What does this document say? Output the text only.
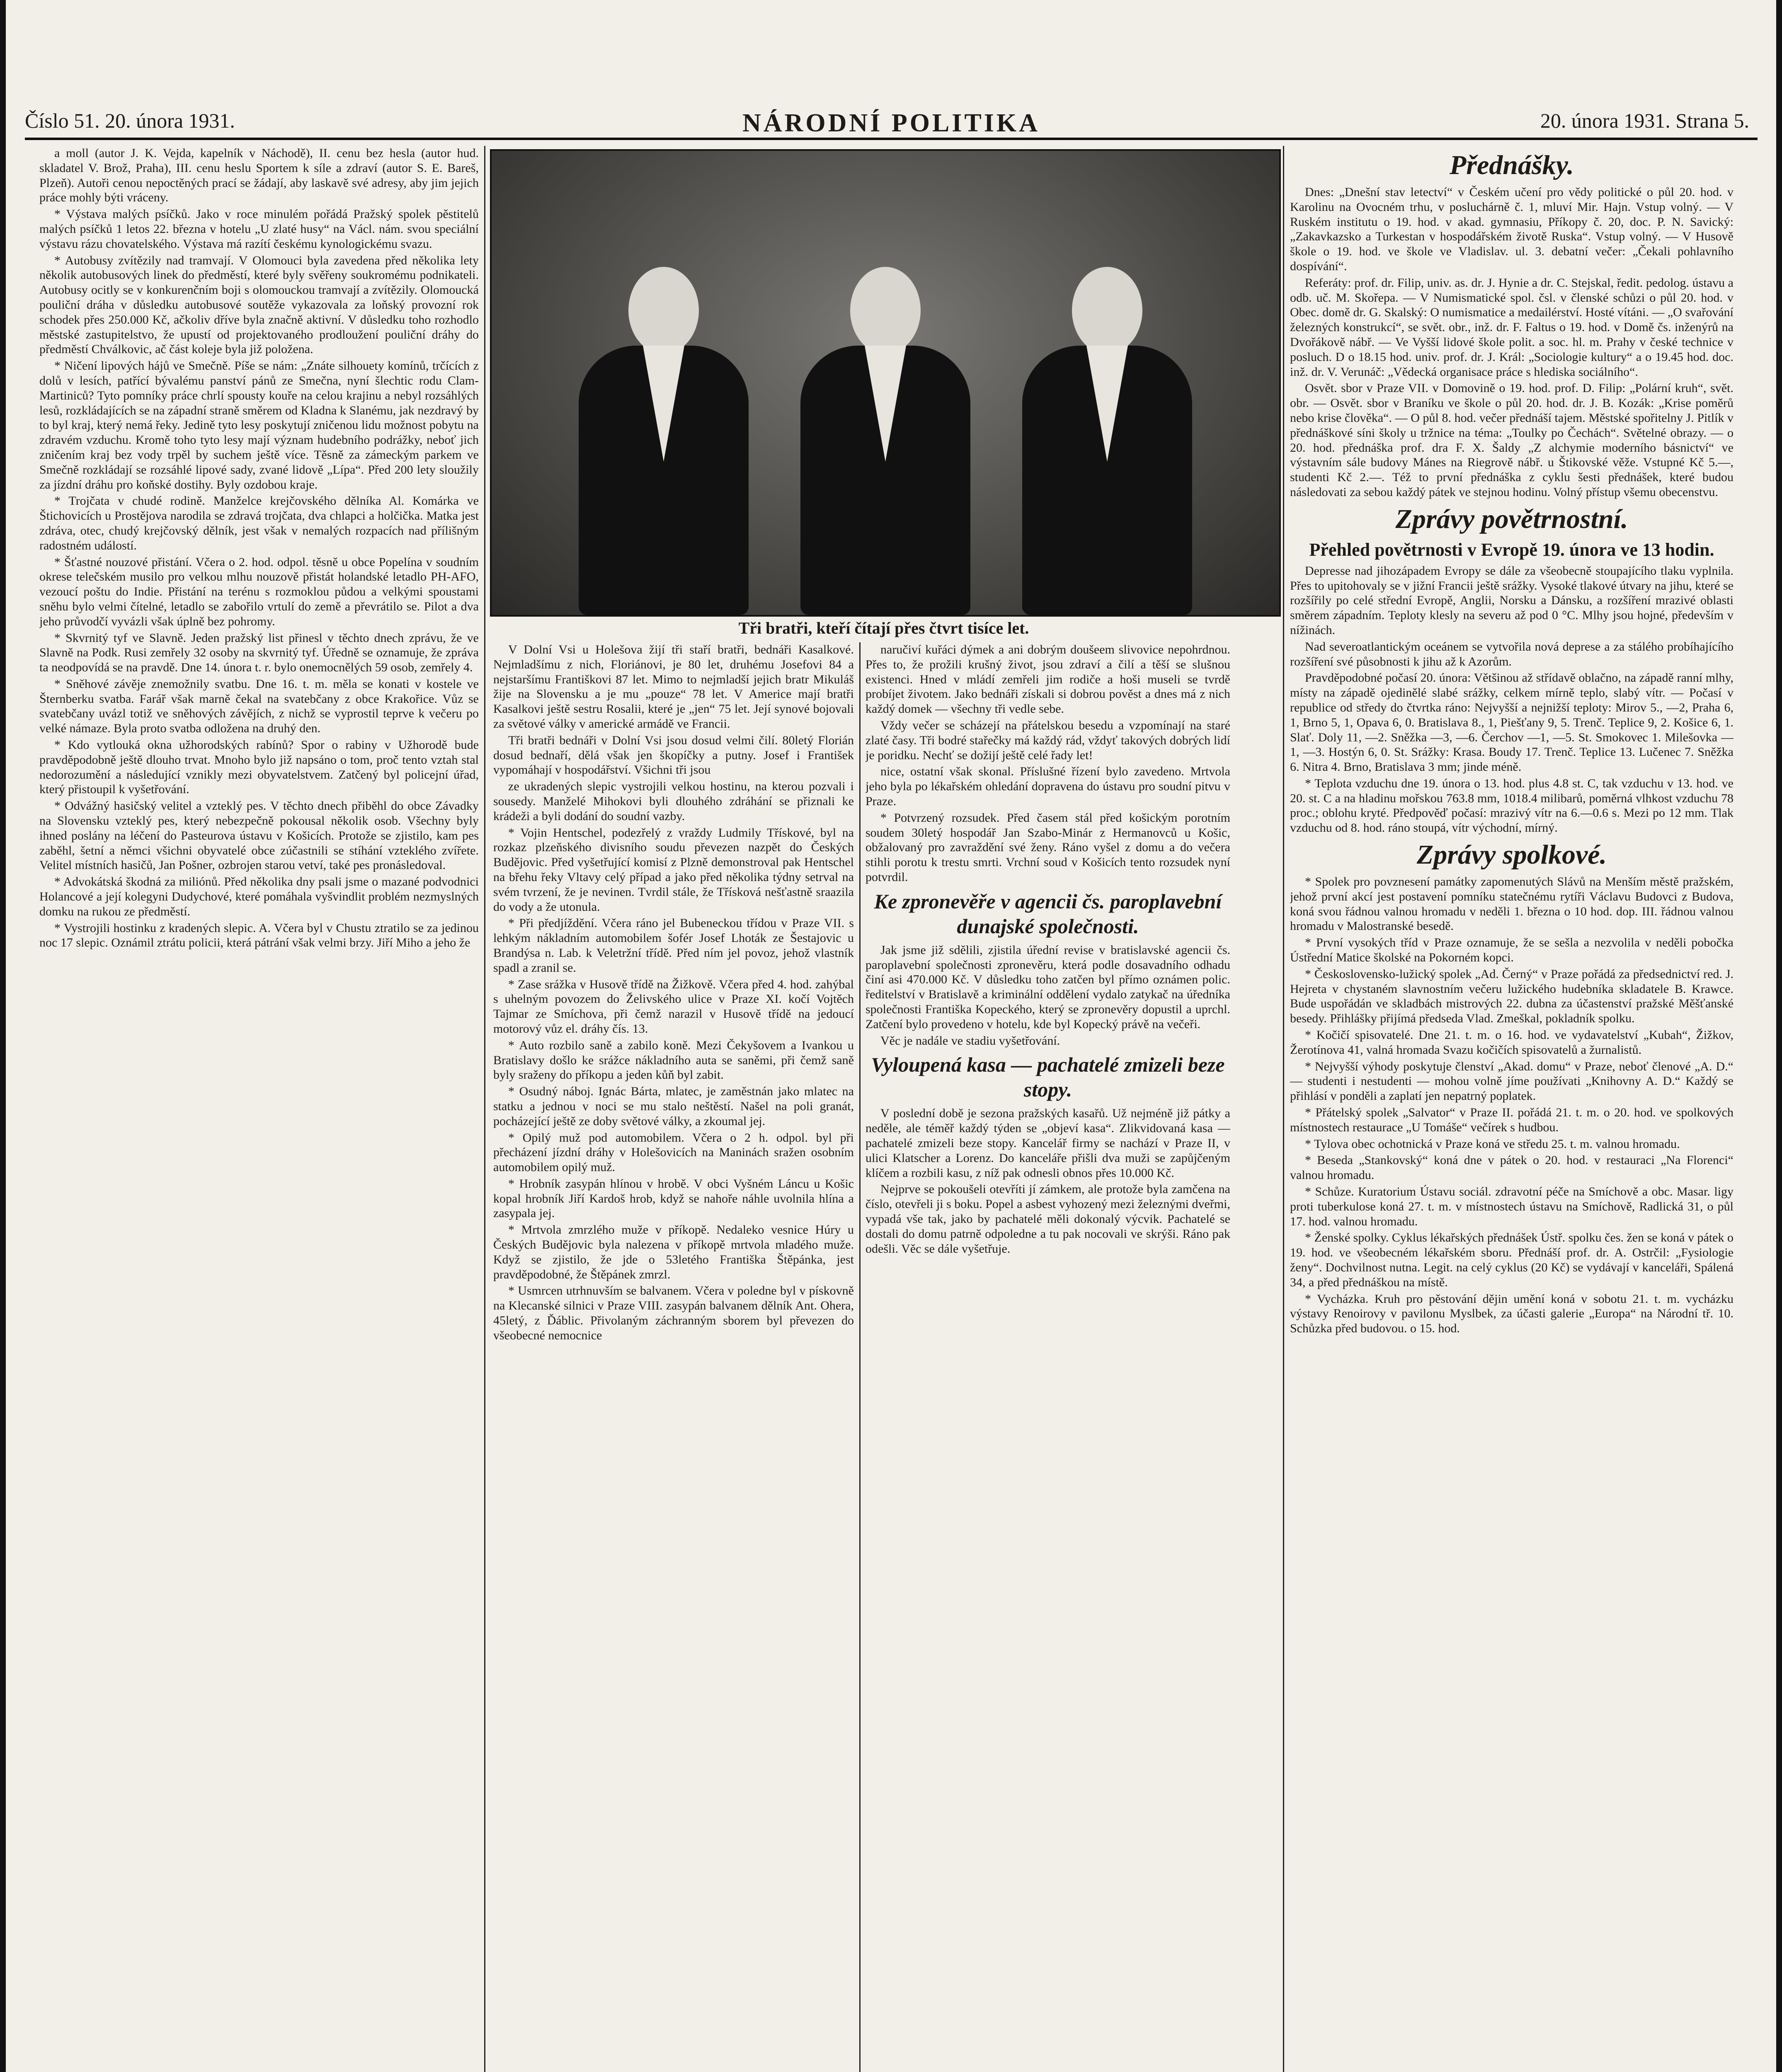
Číslo 51. 20. února 1931.	NÁRODNÍ POLITIKA	20. února 1931. Strana 5.

a moll (autor J. K. Vejda, kapelník v Náchodě), II. cenu bez hesla (autor hud. skladatel V. Brož, Praha), III. cenu heslu Sportem k síle a zdraví (autor S. E. Bareš, Plzeň). Autoři cenou nepoctěných prací se žádají, aby laskavě své adresy, aby jim jejich práce mohly býti vráceny.

* Výstava malých psíčků. Jako v roce minulém pořádá Pražský spolek pěstitelů malých psíčků 1 letos 22. března v hotelu „U zlaté husy“ na Václ. nám. svou speciální výstavu rázu chovatelského. Výstava má razítí českému kynologickému svazu.

* Autobusy zvítězily nad tramvají. V Olomouci byla zavedena před několika lety několik autobusových linek do předměstí, které byly svěřeny soukromému podnikateli. Autobusy ocitly se v konkurenčním boji s olomouckou tramvají a zvítězily. Olomoucká pouliční dráha v důsledku autobusové soutěže vykazovala za loňský provozní rok schodek přes 250.000 Kč, ačkoliv dříve byla značně aktivní. V důsledku toho rozhodlo městské zastupitelstvo, že upustí od projektovaného prodloužení pouliční dráhy do předměstí Chválkovic, ač část koleje byla již položena.

* Ničení lipových hájů ve Smečně. Píše se nám: „Znáte silhouety komínů, trčících z dolů v lesích, patřící bývalému panství pánů ze Smečna, nyní šlechtic rodu Clam-Martiniců? Tyto pomníky práce chrlí spousty kouře na celou krajinu a nebyl rozsáhlých lesů, rozkládajících se na západní straně směrem od Kladna k Slanému, jak nezdravý by to byl kraj, který nemá řeky. Jedině tyto lesy poskytují zničenou lidu možnost pobytu na zdravém vzduchu. Kromě toho tyto lesy mají význam hudebního podrážky, neboť jich zničením kraj bez vody trpěl by suchem ještě více. Těsně za zámeckým parkem ve Smečně rozkládají se rozsáhlé lipové sady, zvané lidově „Lípa“. Před 200 lety sloužily za jízdní dráhu pro koňské dostihy. Byly ozdobou kraje.

* Trojčata v chudé rodině. Manželce krejčovského dělníka Al. Komárka ve Štichovicích u Prostějova narodila se zdravá trojčata, dva chlapci a holčička. Matka jest zdráva, otec, chudý krejčovský dělník, jest však v nemalých rozpacích nad přílišným radostném událostí.

* Šťastné nouzové přistání. Včera o 2. hod. odpol. těsně u obce Popelína v soudním okrese telečském musilo pro velkou mlhu nouzově přistát holandské letadlo PH-AFO, vezoucí poštu do Indie. Přistání na terénu s rozmoklou půdou a velkými spoustami sněhu bylo velmi čítelné, letadlo se zabořilo vrtulí do země a převrátilo se. Pilot a dva jeho průvodčí vyvázli však úplně bez pohromy.

* Skvrnitý tyf ve Slavně. Jeden pražský list přinesl v těchto dnech zprávu, že ve Slavně na Podk. Rusi zemřely 32 osoby na skvrnitý tyf. Úředně se oznamuje, že zpráva ta neodpovídá se na pravdě. Dne 14. února t. r. bylo onemocnělých 59 osob, zemřely 4.

* Sněhové závěje znemožnily svatbu. Dne 16. t. m. měla se konati v kostele ve Šternberku svatba. Farář však marně čekal na svatebčany z obce Krakořice. Vůz se svatebčany uvázl totiž ve sněhových závějích, z nichž se vyprostil teprve k večeru po velké námaze. Byla proto svatba odložena na druhý den.

* Kdo vytlouká okna užhorodských rabínů? Spor o rabiny v Užhorodě bude pravděpodobně ještě dlouho trvat. Mnoho bylo již napsáno o tom, proč tento vztah stal nedorozumění a následující vznikly mezi obyvatelstvem. Zatčený byl policejní úřad, který přistoupil k vyšetřování.

* Odvážný hasičský velitel a vzteklý pes. V těchto dnech přiběhl do obce Závadky na Slovensku vzteklý pes, který nebezpečně pokousal několik osob. Všechny byly ihned poslány na léčení do Pasteurova ústavu v Košicích. Protože se zjistilo, kam pes zaběhl, šetní a němci všichni obyvatelé obce zúčastnili se stíhání vzteklého zvířete. Velitel místních hasičů, Jan Pošner, ozbrojen starou vetví, také pes pronásledoval.

* Advokátská škodná za miliónů. Před několika dny psali jsme o mazané podvodnici Holancové a její kolegyni Dudychové, které pomáhala vyšvindlit problém nezmyslných domku na rukou ze předměstí.

* Vystrojili hostinku z kradených slepic. A. Včera byl v Chustu ztratilo se za jedinou noc 17 slepic. Oznámil ztrátu policii, která pátrání však velmi brzy. Jiří Miho a jeho že

Tři bratři, kteří čítají přes čtvrt tisíce let.

V Dolní Vsi u Holešova žijí tři staří bratři, bednáři Kasalkové. Nejmladšímu z nich, Floriánovi, je 80 let, druhému Josefovi 84 a nejstaršímu Františkovi 87 let. Mimo to nejmladší jejich bratr Mikuláš žije na Slovensku a je mu „pouze“ 78 let. V Americe mají bratři Kasalkovi ještě sestru Rosalii, které je „jen“ 75 let. Její synové bojovali za světové války v americké armádě ve Francii.

Tři bratři bednáři v Dolní Vsi jsou dosud velmi čilí. 80letý Florián dosud bednaří, dělá však jen škopíčky a putny. Josef i František vypomáhají v hospodářství. Všichni tři jsou

ze ukradených slepic vystrojili velkou hostinu, na kterou pozvali i sousedy. Manželé Mihokovi byli dlouhého zdráhání se přiznali ke krádeži a byli dodání do soudní vazby.

* Vojin Hentschel, podezřelý z vraždy Ludmily Třískové, byl na rozkaz plzeňského divisního soudu převezen nazpět do Českých Budějovic. Před vyšetřující komisí z Plzně demonstroval pak Hentschel na břehu řeky Vltavy celý případ a jako před několika týdny setrval na svém tvrzení, že je nevinen. Tvrdil stále, že Třísková nešťastně sraazila do vody a že utonula.

* Při předjíždění. Včera ráno jel Bubeneckou třídou v Praze VII. s lehkým nákladním automobilem šofér Josef Lhoták ze Šestajovic u Brandýsa n. Lab. k Veletržní třídě. Před ním jel povoz, jehož vlastník spadl a zranil se.

* Zase srážka v Husově třídě na Žižkově. Včera před 4. hod. zahýbal s uhelným povozem do Želivského ulice v Praze XI. kočí Vojtěch Tajmar ze Smíchova, při čemž narazil v Husově třídě na jedoucí motorový vůz el. dráhy čís. 13.

* Auto rozbilo saně a zabilo koně. Mezi Čekyšovem a Ivankou u Bratislavy došlo ke srážce nákladního auta se saněmi, při čemž saně byly sraženy do příkopu a jeden kůň byl zabit.

* Osudný náboj. Ignác Bárta, mlatec, je zaměstnán jako mlatec na statku a jednou v noci se mu stalo neštěstí. Našel na poli granát, pocházející ještě ze doby světové války, a zkoumal jej.

* Opilý muž pod automobilem. Včera o 2 h. odpol. byl při přecházení jízdní dráhy v Holešovicích na Maninách sražen osobním automobilem opilý muž.

* Hrobník zasypán hlínou v hrobě. V obci Vyšném Láncu u Košic kopal hrobník Jiří Kardoš hrob, když se nahoře náhle uvolnila hlína a zasypala jej.

* Mrtvola zmrzlého muže v příkopě. Nedaleko vesnice Húry u Českých Budějovic byla nalezena v příkopě mrtvola mladého muže. Když se zjistilo, že jde o 53letého Františka Štěpánka, jest pravděpodobné, že Štěpánek zmrzl.

* Usmrcen utrhnuvším se balvanem. Včera v poledne byl v pískovně na Klecanské silnici v Praze VIII. zasypán balvanem dělník Ant. Ohera, 45letý, z Ďáblic. Přivolaným záchranným sborem byl převezen do všeobecné nemocnice

naručiví kuřáci dýmek a ani dobrým doušeem slivovice nepohrdnou. Přes to, že prožili krušný život, jsou zdraví a čilí a těší se slušnou existenci. Hned v mládí zemřeli jim rodiče a hoši museli se tvrdě probíjet životem. Jako bednáři získali si dobrou pověst a dnes má z nich každý domek — všechny tři vedle sebe.

Vždy večer se scházejí na přátelskou besedu a vzpomínají na staré zlaté časy. Tři bodré stařečky má každý rád, vždyť takových dobrých lidí je poridku. Nechť se dožijí ještě celé řady let!

nice, ostatní však skonal. Příslušné řízení bylo zavedeno. Mrtvola jeho byla po lékařském ohledání dopravena do ústavu pro soudní pitvu v Praze.

* Potvrzený rozsudek. Před časem stál před košickým porotním soudem 30letý hospodář Jan Szabo-Minár z Hermanovců u Košic, obžalovaný pro zavraždění své ženy. Ráno vyšel z domu a do večera stihli porotu k trestu smrti. Vrchní soud v Košicích tento rozsudek nyní potvrdil.

Ke zpronevěře v agencii čs. paroplavební dunajské společnosti.

Jak jsme již sdělili, zjistila úřední revise v bratislavské agencii čs. paroplavební společnosti zpronevěru, která podle dosavadního odhadu činí asi 470.000 Kč. V důsledku toho zatčen byl přímo oznámen polic. ředitelství v Bratislavě a kriminální oddělení vydalo zatykač na úředníka společnosti Františka Kopeckého, který se zpronevěry dopustil a uprchl. Zatčení bylo provedeno v hotelu, kde byl Kopecký právě na večeři.

Věc je nadále ve stadiu vyšetřování.

Vyloupená kasa — pachatelé zmizeli beze stopy.

V poslední době je sezona pražských kasařů. Už nejméně již pátky a neděle, ale téměř každý týden se „objeví kasa“. Zlikvidovaná kasa — pachatelé zmizeli beze stopy. Kancelář firmy se nachází v Praze II, v ulici Klatscher a Lorenz. Do kanceláře přišli dva muži se zapůjčeným klíčem a rozbili kasu, z níž pak odnesli obnos přes 10.000 Kč.

Nejprve se pokoušeli otevříti jí zámkem, ale protože byla zamčena na číslo, otevřeli ji s boku. Popel a asbest vyhozený mezi železnými dveřmi, vypadá vše tak, jako by pachatelé měli dokonalý výcvik. Pachatelé se dostali do domu patrně odpoledne a tu pak nocovali ve skrýši. Ráno pak odešli. Věc se dále vyšetřuje.

Přednášky.

Dnes: „Dnešní stav letectví“ v Českém učení pro vědy politické o půl 20. hod. v Karolinu na Ovocném trhu, v posluchárně č. 1, mluví Mir. Hajn. Vstup volný. — V Ruském institutu o 19. hod. v akad. gymnasiu, Příkopy č. 20, doc. P. N. Savický: „Zakavkazsko a Turkestan v hospodářském životě Ruska“. Vstup volný. — V Husově škole o 19. hod. ve škole ve Vladislav. ul. 3. debatní večer: „Čekali pohlavního dospívání“.

Referáty: prof. dr. Filip, univ. as. dr. J. Hynie a dr. C. Stejskal, ředit. pedolog. ústavu a odb. uč. M. Skořepa. — V Numismatické spol. čsl. v členské schůzi o půl 20. hod. v Obec. domě dr. G. Skalský: O numismatice a medailérství. Hosté vítáni. — „O svařování železných konstrukcí“, se svět. obr., inž. dr. F. Faltus o 19. hod. v Domě čs. inženýrů na Dvořákově nábř. — Ve Vyšší lidové škole polit. a soc. hl. m. Prahy v české technice v posluch. D o 18.15 hod. univ. prof. dr. J. Král: „Sociologie kultury“ a o 19.45 hod. doc. inž. dr. V. Verunáč: „Vědecká organisace práce s hlediska sociálního“.

Osvět. sbor v Praze VII. v Domovině o 19. hod. prof. D. Filip: „Polární kruh“, svět. obr. — Osvět. sbor v Braníku ve škole o půl 20. hod. dr. J. B. Kozák: „Krise poměrů nebo krise člověka“. — O půl 8. hod. večer přednáší tajem. Městské spořitelny J. Pitlík v přednáškové síni školy u tržnice na téma: „Toulky po Čechách“. Světelné obrazy. — o 20. hod. přednáška prof. dra F. X. Šaldy „Z alchymie moderního básnictví“ ve výstavním sále budovy Mánes na Riegrově nábř. u Štikovské věže. Vstupné Kč 5.—, studenti Kč 2.—. Též to první přednáška z cyklu šesti přednášek, které budou následovati za sebou každý pátek ve stejnou hodinu. Volný přístup všemu obecenstvu.

Zprávy povětrnostní.
Přehled povětrnosti v Evropě 19. února ve 13 hodin.

Depresse nad jihozápadem Evropy se dále za všeobecně stoupajícího tlaku vyplnila. Přes to upitohovaly se v jižní Francii ještě srážky. Vysoké tlakové útvary na jihu, které se rozšířily po celé střední Evropě, Anglii, Norsku a Dánsku, a rozšíření mrazivé oblasti směrem západním. Teploty klesly na severu až pod 0 °C. Mlhy jsou hojné, především v nížinách.

Nad severoatlantickým oceánem se vytvořila nová deprese a za stálého probíhajícího rozšíření své působnosti k jihu až k Azorům.

Pravděpodobné počasí 20. února: Většinou až střídavě oblačno, na západě ranní mlhy, místy na západě ojedinělé slabé srážky, celkem mírně teplo, slabý vítr. — Počasí v republice od středy do čtvrtka ráno: Nejvyšší a nejnižší teploty: Mirov 5., —2, Praha 6, 1, Brno 5, 1, Opava 6, 0. Bratislava 8., 1, Piešťany 9, 5. Trenč. Teplice 9, 2. Košice 6, 1. Slať. Doly 11, —2. Sněžka —3, —6. Čerchov —1, —5. St. Smokovec 1. Milešovka —1, —3. Hostýn 6, 0. St. Srážky: Krasa. Boudy 17. Trenč. Teplice 13. Lučenec 7. Sněžka 6. Nitra 4. Brno, Bratislava 3 mm; jinde méně.

* Teplota vzduchu dne 19. února o 13. hod. plus 4.8 st. C, tak vzduchu v 13. hod. ve 20. st. C a na hladinu mořskou 763.8 mm, 1018.4 milibarů, poměrná vlhkost vzduchu 78 proc.; oblohu kryté. Předpověď počasí: mrazivý vítr na 6.—0.6 s. Mezi po 12 mm. Tlak vzduchu od 8. hod. ráno stoupá, vítr východní, mírný.

Zprávy spolkové.

* Spolek pro povznesení památky zapomenutých Slávů na Menším městě pražském, jehož první akcí jest postavení pomníku statečnému rytíři Václavu Budovci z Budova, koná svou řádnou valnou hromadu v neděli 1. března o 10 hod. dop. III. řádnou valnou hromadu v Malostranské besedě.

* První vysokých tříd v Praze oznamuje, že se sešla a nezvolila v neděli pobočka Ústřední Matice školské na Pokorném kopci.

* Československo-lužický spolek „Ad. Černý“ v Praze pořádá za předsednictví red. J. Hejreta v chystaném slavnostním večeru lužického hudebníka skladatele B. Krawce. Bude uspořádán ve skladbách mistrových 22. dubna za účastenství pražské Měšťanské besedy. Přihlášky přijímá předseda Vlad. Zmeškal, pokladník spolku.

* Kočičí spisovatelé. Dne 21. t. m. o 16. hod. ve vydavatelství „Kubah“, Žižkov, Žerotínova 41, valná hromada Svazu kočičích spisovatelů a žurnalistů.

* Nejvyšší výhody poskytuje členství „Akad. domu“ v Praze, neboť členové „A. D.“ — studenti i nestudenti — mohou volně jíme používati „Knihovny A. D.“ Každý se přihlásí v ponděli a zaplatí jen nepatrný poplatek.

* Přátelský spolek „Salvator“ v Praze II. pořádá 21. t. m. o 20. hod. ve spolkových místnostech restaurace „U Tomáše“ večírek s hudbou.

* Tylova obec ochotnická v Praze koná ve středu 25. t. m. valnou hromadu.

* Beseda „Stankovský“ koná dne v pátek o 20. hod. v restauraci „Na Florenci“ valnou hromadu.

* Schůze. Kuratorium Ústavu sociál. zdravotní péče na Smíchově a obc. Masar. ligy proti tuberkulose koná 27. t. m. v místnostech ústavu na Smíchově, Radlická 31, o půl 17. hod. valnou hromadu.

* Ženské spolky. Cyklus lékařských přednášek Ústř. spolku čes. žen se koná v pátek o 19. hod. ve všeobecném lékařském sboru. Přednáší prof. dr. A. Ostrčil: „Fysiologie ženy“. Dochvilnost nutna. Legit. na celý cyklus (20 Kč) se vydávají v kanceláři, Spálená 34, a před přednáškou na místě.

* Vycházka. Kruh pro pěstování dějin umění koná v sobotu 21. t. m. vycházku výstavy Renoirovy v pavilonu Myslbek, za účasti galerie „Europa“ na Národní tř. 10. Schůzka před budovou. o 15. hod.
